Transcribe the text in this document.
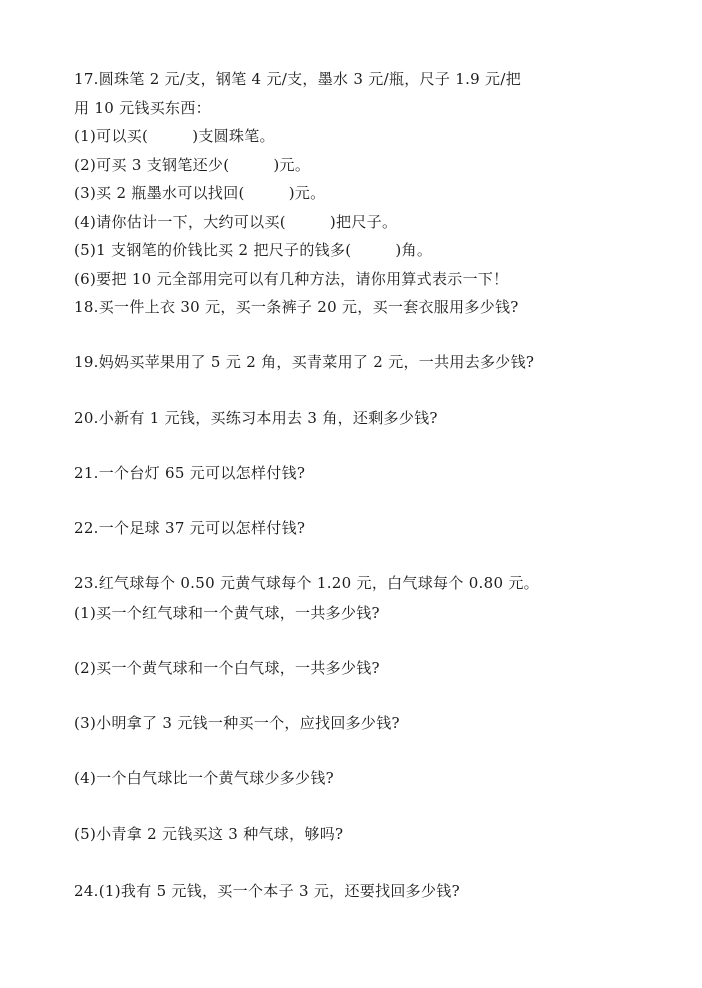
17.圆珠笔 2 元/支，钢笔 4 元/支，墨水 3 元/瓶，尺子 1.9 元/把
用 10 元钱买东西：
(1)可以买(	)支圆珠笔。
(2)可买 3 支钢笔还少(	)元。
(3)买 2 瓶墨水可以找回(	)元。
(4)请你估计一下，大约可以买(	)把尺子。
(5)1 支钢笔的价钱比买 2 把尺子的钱多(	)角。
(6)要把 10 元全部用完可以有几种方法，请你用算式表示一下！
18.买一件上衣 30 元，买一条裤子 20 元，买一套衣服用多少钱?
19.妈妈买苹果用了 5 元 2 角，买青菜用了 2 元，一共用去多少钱?
20.小新有 1 元钱，买练习本用去 3 角，还剩多少钱?
21.一个台灯 65 元可以怎样付钱?
22.一个足球 37 元可以怎样付钱?
23.红气球每个 0.50 元黄气球每个 1.20 元，白气球每个 0.80 元。
(1)买一个红气球和一个黄气球，一共多少钱?
(2)买一个黄气球和一个白气球，一共多少钱?
(3)小明拿了 3 元钱一种买一个，应找回多少钱?
(4)一个白气球比一个黄气球少多少钱?
(5)小青拿 2 元钱买这 3 种气球，够吗?
24.(1)我有 5 元钱，买一个本子 3 元，还要找回多少钱?
